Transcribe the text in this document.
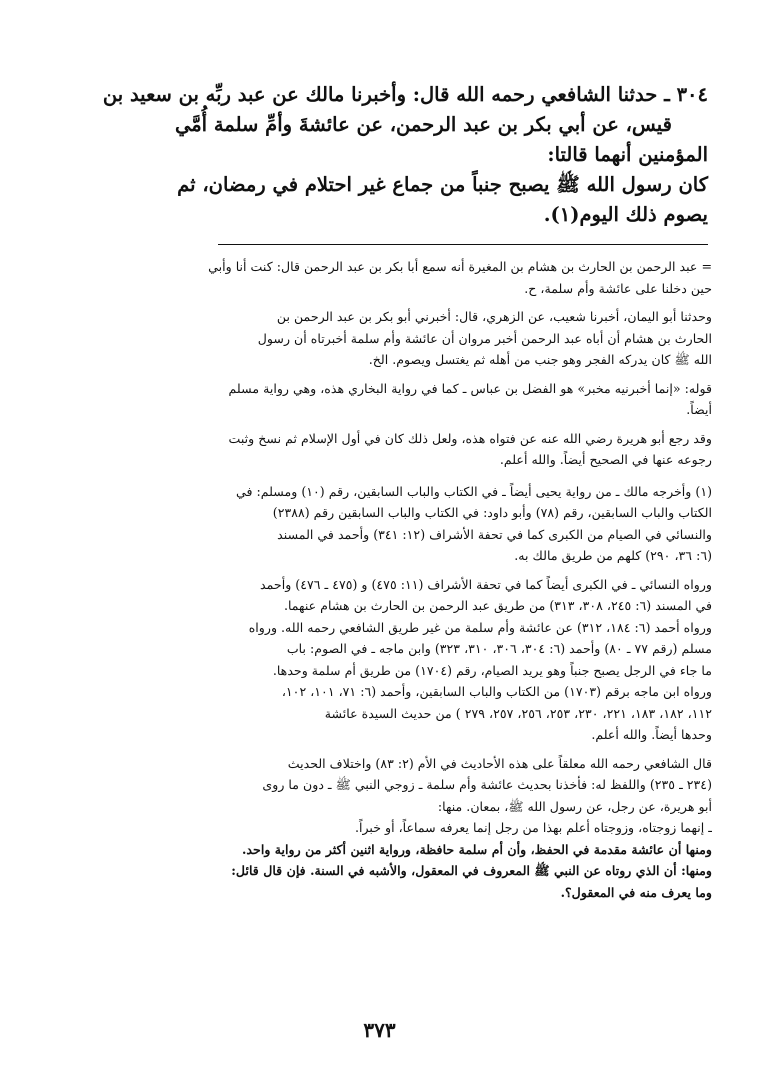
٣٠٤ ـ حدثنا الشافعي رحمه الله قال: وأخبرنا مالك عن عبد ربِّه بن سعيد بن
قيس، عن أبي بكر بن عبد الرحمن، عن عائشةَ وأمِّ سلمة أُمَّي
المؤمنين أنهما قالتا:
كان رسول الله ﷺ يصبح جنباً من جماع غير احتلام في رمضان، ثم
يصوم ذلك اليوم(١).
= عبد الرحمن بن الحارث بن هشام بن المغيرة أنه سمع أبا بكر بن عبد الرحمن قال: كنت أنا وأبي
حين دخلنا على عائشة وأم سلمة، ح.
وحدثنا أبو اليمان، أخبرنا شعيب، عن الزهري، قال: أخبرني أبو بكر بن عبد الرحمن بن
الحارث بن هشام أن أباه عبد الرحمن أخبر مروان أن عائشة وأم سلمة أخبرتاه أن رسول
الله ﷺ كان يدركه الفجر وهو جنب من أهله ثم يغتسل ويصوم. الخ.
قوله: «إنما أخبرنيه مخبر» هو الفضل بن عباس ـ كما في رواية البخاري هذه، وهي رواية مسلم
أيضاً.
وقد رجع أبو هريرة رضي الله عنه عن فتواه هذه، ولعل ذلك كان في أول الإسلام ثم نسخ وثبت
رجوعه عنها في الصحيح أيضاً. والله أعلم.
(١) وأخرجه مالك ـ من رواية يحيى أيضاً ـ في الكتاب والباب السابقين، رقم (١٠) ومسلم: في
الكتاب والباب السابقين، رقم (٧٨) وأبو داود: في الكتاب والباب السابقين رقم (٢٣٨٨)
والنسائي في الصيام من الكبرى كما في تحفة الأشراف (١٢: ٣٤١) وأحمد في المسند
(٦: ٣٦، ٢٩٠) كلهم من طريق مالك به.
ورواه النسائي ـ في الكبرى أيضاً كما في تحفة الأشراف (١١: ٤٧٥) و (٤٧٥ ـ ٤٧٦) وأحمد
في المسند (٦: ٢٤٥، ٣٠٨، ٣١٣) من طريق عبد الرحمن بن الحارث بن هشام عنهما.
ورواه أحمد (٦: ١٨٤، ٣١٢) عن عائشة وأم سلمة من غير طريق الشافعي رحمه الله. ورواه
مسلم (رقم ٧٧ ـ ٨٠) وأحمد (٦: ٣٠٤، ٣٠٦، ٣١٠، ٣٢٣) وابن ماجه ـ في الصوم: باب
ما جاء في الرجل يصبح جنباً وهو يريد الصيام، رقم (١٧٠٤) من طريق أم سلمة وحدها.
ورواه ابن ماجه برقم (١٧٠٣) من الكتاب والباب السابقين، وأحمد (٦: ٧١، ١٠١، ١٠٢،
١١٢، ١٨٢، ١٨٣، ٢٢١، ٢٣٠، ٢٥٣، ٢٥٦، ٢٥٧، ٢٧٩ ) من حديث السيدة عائشة
وحدها أيضاً. والله أعلم.
قال الشافعي رحمه الله معلقاً على هذه الأحاديث في الأم (٢: ٨٣) واختلاف الحديث
(٢٣٤ ـ ٢٣٥) واللفظ له: فأخذنا بحديث عائشة وأم سلمة ـ زوجي النبي ﷺ ـ دون ما روى
أبو هريرة، عن رجل، عن رسول الله ﷺ، بمعان. منها:
ـ إنهما زوجتاه، وزوجتاه أعلم بهذا من رجل إنما يعرفه سماعاً، أو خبراً.
ومنها أن عائشة مقدمة في الحفظ، وأن أم سلمة حافظة، ورواية اثنين أكثر من رواية واحد.
ومنها: أن الذي روتاه عن النبي ﷺ المعروف في المعقول، والأشبه في السنة. فإن قال قائل:
وما يعرف منه في المعقول؟.
٣٧٣
